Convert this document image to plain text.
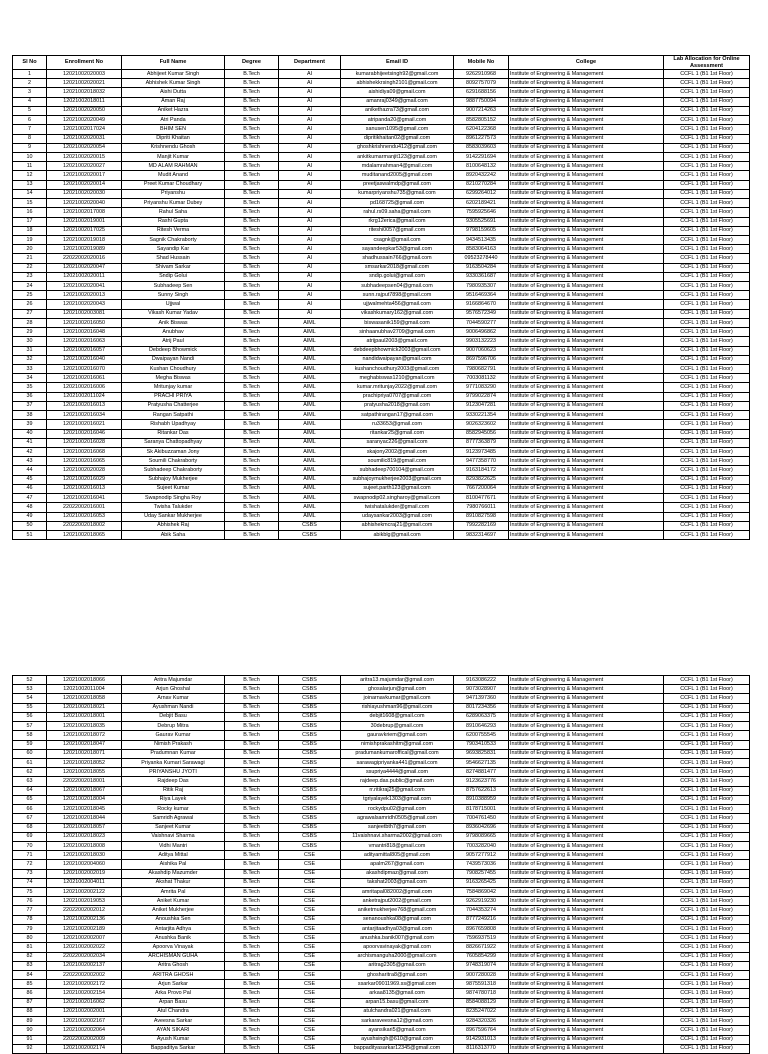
Sl No	Enrollment No	Full Name	Degree	Department	Email ID	Mobile No	College	Lab Allocation for Online Assessment
1	12021002020003	Abhijeet Kumar Singh	B.Tech	AI	kumarabhijeetsingh92@gmail.com	9262910968	Institute of Engineering & Management	CCFL 1 (B1 1st Floor)
2	12021002020021	Abhishek Kumar Singh	B.Tech	AI	abhishekkrsingh2101@gmail.com	8092757079	Institute of Engineering & Management	CCFL 1 (B1 1st Floor)
3	12021002018032	Aishi Dutta	B.Tech	AI	aishidiya09@gmail.com	6291688156	Institute of Engineering & Management	CCFL 1 (B1 1st Floor)
4	12021002018011	Aman Raj	B.Tech	AI	amanraj0349@gmail.com	9887750094	Institute of Engineering & Management	CCFL 1 (B1 1st Floor)
5	12021002020050	Aniket Hazra	B.Tech	AI	anikethazra73@gmail.com	9007214263	Institute of Engineering & Management	CCFL 1 (B1 1st Floor)
6	12021002020049	Atri Panda	B.Tech	AI	atripanda20@gmail.com	8582805152	Institute of Engineering & Management	CCFL 1 (B1 1st Floor)
7	12021002017024	BHIM SEN	B.Tech	AI	sanusen1095@gmail.com	6204122368	Institute of Engineering & Management	CCFL 1 (B1 1st Floor)
8	12021002020031	Dipriti Khaitan	B.Tech	AI	dipritikhaitan02@gmail.com	8961227573	Institute of Engineering & Management	CCFL 1 (B1 1st Floor)
9	12021002020054	Krishnendu Ghosh	B.Tech	AI	ghoshkrishnendu412@gmail.com	8583039603	Institute of Engineering & Management	CCFL 1 (B1 1st Floor)
10	12021002020015	Manjit Kumar	B.Tech	AI	ankitkumarmanjit123@gmail.com	9142291694	Institute of Engineering & Management	CCFL 1 (B1 1st Floor)
11	12021002020027	MD ALAM RAHMAN	B.Tech	AI	mdalamrahman4@gmail.com	8100648132	Institute of Engineering & Management	CCFL 1 (B1 1st Floor)
12	12021002020017	Mudit Anand	B.Tech	AI	muditanand2005@gmail.com	8920432242	Institute of Engineering & Management	CCFL 1 (B1 1st Floor)
13	12021002020014	Preet Kumar Choudhary	B.Tech	AI	preetjaswalmdp@gmail.com	8210270284	Institute of Engineering & Management	CCFL 1 (B1 1st Floor)
14	12021002020030	Priyanshu	B.Tech	AI	kumarpriyanshu735@gmail.com	6299264012	Institute of Engineering & Management	CCFL 1 (B1 1st Floor)
15	12021002020040	Priyanshu Kumar Dubey	B.Tech	AI	pd168725@gmail.com	6202189421	Institute of Engineering & Management	CCFL 1 (B1 1st Floor)
16	12021002017008	Rahul Saha	B.Tech	AI	rahul.rs09.saha@gmail.com	7595925646	Institute of Engineering & Management	CCFL 1 (B1 1st Floor)
17	12021002019001	Rashi Gupta	B.Tech	AI	rkrg12erica@gmail.com	9305525691	Institute of Engineering & Management	CCFL 1 (B1 1st Floor)
18	12021002017025	Ritesh Verma	B.Tech	AI	riteshi0057@gmail.com	9798159605	Institute of Engineering & Management	CCFL 1 (B1 1st Floor)
19	12021002019018	Sagnik Chakraborty	B.Tech	AI	csagnk@gmail.com	9434513435	Institute of Engineering & Management	CCFL 1 (B1 1st Floor)
20	12021002019089	Sayandip Kar	B.Tech	AI	sayandeepkar53@gmail.com	8583064163	Institute of Engineering & Management	CCFL 1 (B1 1st Floor)
21	22022002020016	Shad Hussain	B.Tech	AI	shadhussain766@gmail.com	09523278440	Institute of Engineering & Management	CCFL 1 (B1 1st Floor)
22	12021002020047	Shivam Sarkar	B.Tech	AI	smsarkar2018@gmail.com	9163504284	Institute of Engineering & Management	CCFL 1 (B1 1st Floor)
23	12021002020011	Sndip Golui	B.Tech	AI	sndip.golui@gmail.com	9330361687	Institute of Engineering & Management	CCFL 1 (B1 1st Floor)
24	12021002020041	Subhadeep Sen	B.Tech	AI	subhadeepsen04@gmail.com	7980935307	Institute of Engineering & Management	CCFL 1 (B1 1st Floor)
25	12021002020013	Sunny Singh	B.Tech	AI	sunn.rajput7898@gmail.com	9516469364	Institute of Engineering & Management	CCFL 1 (B1 1st Floor)
26	12021002020043	Ujjwal	B.Tech	AI	ujjwalmehta456@gmail.com	9166864670	Institute of Engineering & Management	CCFL 1 (B1 1st Floor)
27	12021002003081	Vikash Kumar Yadav	B.Tech	AI	vikashkumary162@gmail.com	9576572349	Institute of Engineering & Management	CCFL 1 (B1 1st Floor)
28	12021002016050	Anik Biswas	B.Tech	AIML	biswasanik159@gmail.com	7044590277	Institute of Engineering & Management	CCFL 1 (B1 1st Floor)
29	12021002016048	Anubhav	B.Tech	AIML	sinhaanubhav2709@gmail.com	9006496862	Institute of Engineering & Management	CCFL 1 (B1 1st Floor)
30	12021002016063	Atrij Paul	B.Tech	AIML	atrijpaul2003@gmail.com	9903132223	Institute of Engineering & Management	CCFL 1 (B1 1st Floor)
31	12021002016057	Debdeep Bhowmick	B.Tech	AIML	debdeepbhowmick2003@gmail.com	9007060623	Institute of Engineering & Management	CCFL 1 (B1 1st Floor)
32	12021002016040	Dwaipayan Nandi	B.Tech	AIML	nandidwaipayan@gmail.com	8697596706	Institute of Engineering & Management	CCFL 1 (B1 1st Floor)
33	12021002016070	Kushan Choudhury	B.Tech	AIML	kushanchoudhury2003@gmail.com	7980682791	Institute of Engineering & Management	CCFL 1 (B1 1st Floor)
34	12021002016061	Megha Biswas	B.Tech	AIML	meghabiswas1210@gmail.com	7003081132	Institute of Engineering & Management	CCFL 1 (B1 1st Floor)
35	12021002016006	Mritunjay kumar	B.Tech	AIML	kumar.mritunjay2022@gmail.com	9771083290	Institute of Engineering & Management	CCFL 1 (B1 1st Floor)
36	12021002011024	PRACHI PRIYA	B.Tech	AIML	prachipriya0707@gmail.com	9799022874	Institute of Engineering & Management	CCFL 1 (B1 1st Floor)
37	12021002016013	Pratyusha Chatterjee	B.Tech	AIML	pratyusha2018@gmail.com	9123047281	Institute of Engineering & Management	CCFL 1 (B1 1st Floor)
38	12021002016034	Rangan Satpathi	B.Tech	AIML	satpathirangan17@gmail.com	9330221354	Institute of Engineering & Management	CCFL 1 (B1 1st Floor)
39	12021002016021	Rishabh Upadhyay	B.Tech	AIML	ru33653@gmail.com	9026323602	Institute of Engineering & Management	CCFL 1 (B1 1st Floor)
40	12021002016046	Ritankar Das	B.Tech	AIML	ritankar25@gmail.com	8582945056	Institute of Engineering & Management	CCFL 1 (B1 1st Floor)
41	12021002016028	Saranya Chattopadhyay	B.Tech	AIML	saranyac226@gmail.com	8777363879	Institute of Engineering & Management	CCFL 1 (B1 1st Floor)
42	12021002016068	Sk Akibuzzaman Jony	B.Tech	AIML	skajony2002@gmail.com	9123973485	Institute of Engineering & Management	CCFL 1 (B1 1st Floor)
43	12021002016065	Soumili Chakraborty	B.Tech	AIML	soumilic819@gmail.com	9477358770	Institute of Engineering & Management	CCFL 1 (B1 1st Floor)
44	12021002020028	Subhadeep Chakraborty	B.Tech	AIML	subhadeep700104@gmail.com	9163184172	Institute of Engineering & Management	CCFL 1 (B1 1st Floor)
45	12021002016029	Subhajoy Mukherjee	B.Tech	AIML	subhajoymukherjee2003@gmail.com	8293822625	Institute of Engineering & Management	CCFL 1 (B1 1st Floor)
46	12021002016013	Sujeet Kumar	B.Tech	AIML	sujeet.parth123@gmail.com	7667200064	Institute of Engineering & Management	CCFL 1 (B1 1st Floor)
47	12021002016041	Swapnodip Singha Roy	B.Tech	AIML	swapnodip02.singharoy@gmail.com	8100477671	Institute of Engineering & Management	CCFL 1 (B1 1st Floor)
48	22022002016001	Twisha Talukder	B.Tech	AIML	twishatalukder@gmail.com	7980766011	Institute of Engineering & Management	CCFL 1 (B1 1st Floor)
49	12021002016053	Uday Sankar Mukherjee	B.Tech	AIML	udaysankar2003@gmail.com	8910827598	Institute of Engineering & Management	CCFL 1 (B1 1st Floor)
50	22022002018002	Abhishek Raj	B.Tech	CSBS	abhishekmcraj21@gmail.com	7992282169	Institute of Engineering & Management	CCFL 1 (B1 1st Floor)
51	12021002018065	Abik Saha	B.Tech	CSBS	abikblg@gmail.com	9832314697	Institute of Engineering & Management	CCFL 1 (B1 1st Floor)
52	12021002018066	Aritra Majumdar	B.Tech	CSBS	aritra13.majumdar@gmail.com	9163086222	Institute of Engineering & Management	CCFL 1 (B1 1st Floor)
53	12021002011004	Arjun Ghoshal	B.Tech	CSBS	ghosalarjun@gmail.com	9073028907	Institute of Engineering & Management	CCFL 1 (B1 1st Floor)
54	12021002018058	Arnav Kumar	B.Tech	CSBS	joinarnavkumar@gmail.com	9471397360	Institute of Engineering & Management	CCFL 1 (B1 1st Floor)
55	12021002018021	Ayushman Nandi	B.Tech	CSBS	rishiayushman96@gmail.com	8017234356	Institute of Engineering & Management	CCFL 1 (B1 1st Floor)
56	12021002018001	Debjit Basu	B.Tech	CSBS	debjit1608@gmail.com	6289063375	Institute of Engineering & Management	CCFL 1 (B1 1st Floor)
57	12021002018035	Debrup Mitra	B.Tech	CSBS	30debrup@gmail.com	8910646293	Institute of Engineering & Management	CCFL 1 (B1 1st Floor)
58	12021002018072	Gaurav Kumar	B.Tech	CSBS	gauravkriem@gmail.com	6200755545	Institute of Engineering & Management	CCFL 1 (B1 1st Floor)
59	12021002018047	Nimish Prakash	B.Tech	CSBS	nimishprakashitm@gmail.com	7903410533	Institute of Engineering & Management	CCFL 1 (B1 1st Floor)
60	12021002018071	Pradumnan Kumar	B.Tech	CSBS	pradumankumaroffical@gmail.com	9693825831	Institute of Engineering & Management	CCFL 1 (B1 1st Floor)
61	12021002018052	Priyanka Kumari Sarawagi	B.Tech	CSBS	sarawagipriyanka441@gmail.com	9546627135	Institute of Engineering & Management	CCFL 1 (B1 1st Floor)
62	12021002018055	PRIYANSHU JYOTI	B.Tech	CSBS	ssupriya4444@gmail.com	8274881477	Institute of Engineering & Management	CCFL 1 (B1 1st Floor)
63	22022002018001	Rajdeep Das	B.Tech	CSBS	rajdeep.das.public@gmail.com	9123623776	Institute of Engineering & Management	CCFL 1 (B1 1st Floor)
64	12021002018067	Ritik Raj	B.Tech	CSBS	rr.ritikraj25@gmail.com	8757622613	Institute of Engineering & Management	CCFL 1 (B1 1st Floor)
65	12021002018004	Riya Layek	B.Tech	CSBS	tgriyalayek1303@gmail.com	8910388959	Institute of Engineering & Management	CCFL 1 (B1 1st Floor)
66	12021002018045	Rocky kumar	B.Tech	CSBS	rockydpu02@gmail.com	8178715001	Institute of Engineering & Management	CCFL 1 (B1 1st Floor)
67	12021002018044	Samridh Agrawal	B.Tech	CSBS	agrawalsamridh0505@gmail.com	7004761450	Institute of Engineering & Management	CCFL 1 (B1 1st Floor)
68	12021002018057	Sanjeet Kumar	B.Tech	CSBS	sanjeetbth7@gmail.com	8936042696	Institute of Engineering & Management	CCFL 1 (B1 1st Floor)
69	12021002018023	Vaishnavi Sharma	B.Tech	CSBS	11vaishnavi.sharma2002@gmail.com	9798089665	Institute of Engineering & Management	CCFL 1 (B1 1st Floor)
70	12021002018008	Vidhi Mantri	B.Tech	CSBS	vmantri818@gmail.com	7003282040	Institute of Engineering & Management	CCFL 1 (B1 1st Floor)
71	12021002018030	Aditya Mittal	B.Tech	CSE	adityamittal805@gmail.com	9057277912	Institute of Engineering & Management	CCFL 1 (B1 1st Floor)
72	12021002004060	Aishika Pal	B.Tech	CSE	apalm267@gmail.com	7439573036	Institute of Engineering & Management	CCFL 1 (B1 1st Floor)
73	12021002002019	Akashdip Mazumder	B.Tech	CSE	akashdipmaz@gmail.com	7908257455	Institute of Engineering & Management	CCFL 1 (B1 1st Floor)
74	12021002004011	Akshat Thakur	B.Tech	CSE	takshat2003@gmail.com	9163265425	Institute of Engineering & Management	CCFL 1 (B1 1st Floor)
75	12021002002122	Amrita Pal	B.Tech	CSE	amritapal082002@gmail.com	7584869042	Institute of Engineering & Management	CCFL 1 (B1 1st Floor)
76	12021002019053	Aniket Kumar	B.Tech	CSE	anketrajput2002@gmail.com	9262919230	Institute of Engineering & Management	CCFL 1 (B1 1st Floor)
77	22022002002012	Aniket Mukherjee	B.Tech	CSE	aniketmukherjee768@gmail.com	7044353274	Institute of Engineering & Management	CCFL 1 (B1 1st Floor)
78	12021002002136	Anoushka Sen	B.Tech	CSE	senanoushka08@gmail.com	8777249216	Institute of Engineering & Management	CCFL 1 (B1 1st Floor)
79	12021002002189	Antarjita Adhya	B.Tech	CSE	antarjitaadhya03@gmail.com	8967659808	Institute of Engineering & Management	CCFL 1 (B1 1st Floor)
80	12021002002007	Anushka Banik	B.Tech	CSE	anushka.banik007@gmail.com	7596937519	Institute of Engineering & Management	CCFL 1 (B1 1st Floor)
81	12021002002022	Apoorva Vinayak	B.Tech	CSE	apoorvavinayak@gmail.com	8826671922	Institute of Engineering & Management	CCFL 1 (B1 1st Floor)
82	22022002002034	ARCHISMAN GUHA	B.Tech	CSE	archismanguha2000@gmail.com	7605854299	Institute of Engineering & Management	CCFL 1 (B1 1st Floor)
83	12021002002137	Aritra Ghosh	B.Tech	CSE	aritrag2305@gmail.com	9748319074	Institute of Engineering & Management	CCFL 1 (B1 1st Floor)
84	22022002002002	ARITRA GHOSH	B.Tech	CSE	ghosharitra8@gmail.com	9007280028	Institute of Engineering & Management	CCFL 1 (B1 1st Floor)
85	12021002002172	Arjun Sarkar	B.Tech	CSE	ssarkar09011969.ss@gmail.com	9875591318	Institute of Engineering & Management	CCFL 1 (B1 1st Floor)
86	12021002002154	Arka Provo Pal	B.Tech	CSE	arkaa8135@gmail.com	9874780718	Institute of Engineering & Management	CCFL 1 (B1 1st Floor)
87	12021002016062	Arpan Basu	B.Tech	CSE	arpan15.basu@gmail.com	8584088129	Institute of Engineering & Management	CCFL 1 (B1 1st Floor)
88	12021002002001	Atul Chandra	B.Tech	CSE	atulchandra021@gmail.com	8235247022	Institute of Engineering & Management	CCFL 1 (B1 1st Floor)
89	12021002002167	Aveesna Sarkar	B.Tech	CSE	sarkaraveesna12@gmail.com	9284320326	Institute of Engineering & Management	CCFL 1 (B1 1st Floor)
90	12021002002064	AYAN SIKARI	B.Tech	CSE	ayansikari5@gmail.com	8967596764	Institute of Engineering & Management	CCFL 1 (B1 1st Floor)
91	22022002002009	Ayush Kumar	B.Tech	CSE	ayushsingh@610@gmail.com	9142931013	Institute of Engineering & Management	CCFL 1 (B1 1st Floor)
92	12021002002174	Bappaditya Sarkar	B.Tech	CSE	bappadityasarkar12345@gmail.com	8116313770	Institute of Engineering & Management	CCFL 1 (B1 1st Floor)
